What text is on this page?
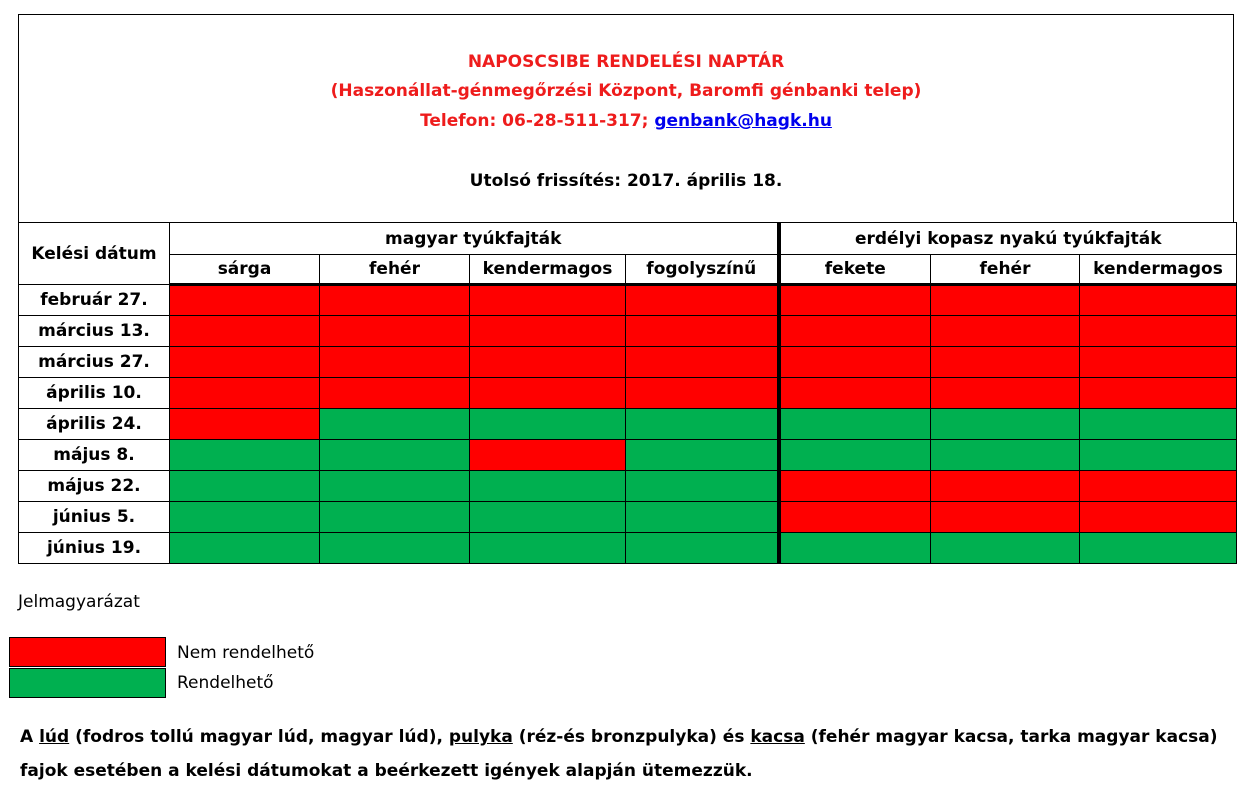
NAPOSCSIBE RENDELÉSI NAPTÁR
(Haszonállat-génmegőrzési Központ, Baromfi génbanki telep)
Telefon: 06-28-511-317; genbank@hagk.hu
Utolsó frissítés: 2017. április 18.
Kelési dátum	magyar tyúkfajták				erdélyi kopasz nyakú tyúkfajták		
	sárga	fehér	kendermagos	fogolyszínű	fekete	fehér	kendermagos
február 27.							
március 13.							
március 27.							
április 10.							
április 24.							
május 8.							
május 22.							
június 5.							
június 19.							
Jelmagyarázat
Nem rendelhető
Rendelhető
A lúd (fodros tollú magyar lúd, magyar lúd), pulyka (réz-és bronzpulyka) és kacsa (fehér magyar kacsa, tarka magyar kacsa) fajok esetében a kelési dátumokat a beérkezett igények alapján ütemezzük.
